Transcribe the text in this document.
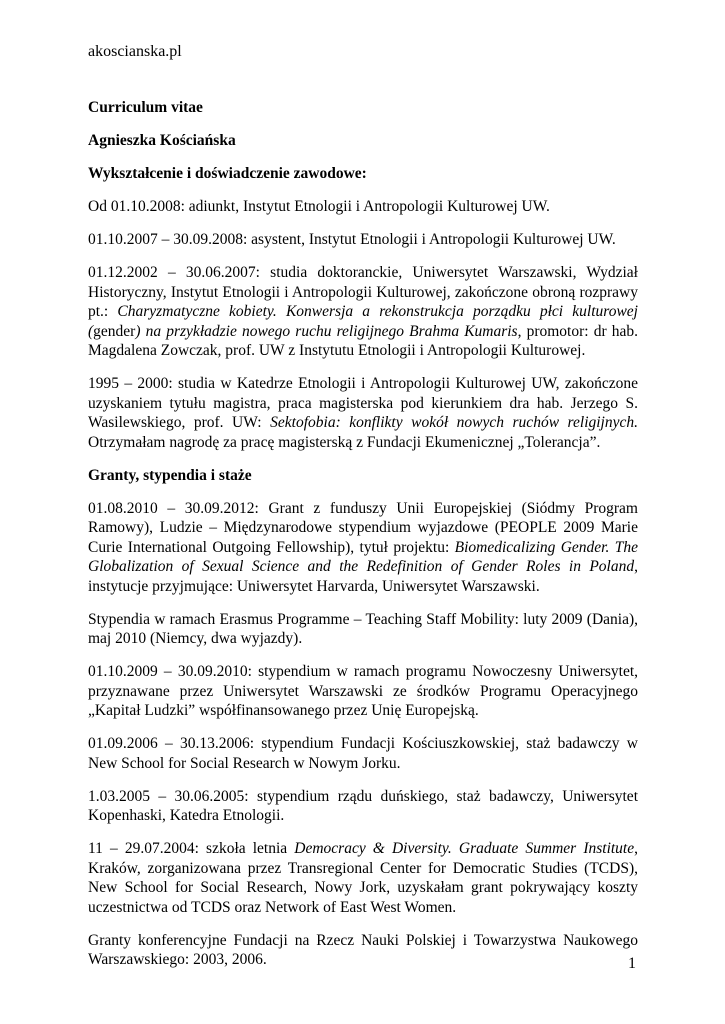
akoscianska.pl

Curriculum vitae

Agnieszka Kościańska

Wykształcenie i doświadczenie zawodowe:

Od 01.10.2008: adiunkt, Instytut Etnologii i Antropologii Kulturowej UW.

01.10.2007 – 30.09.2008: asystent, Instytut Etnologii i Antropologii Kulturowej UW.

01.12.2002 – 30.06.2007: studia doktoranckie, Uniwersytet Warszawski, Wydział Historyczny, Instytut Etnologii i Antropologii Kulturowej, zakończone obroną rozprawy pt.: Charyzmatyczne kobiety. Konwersja a rekonstrukcja porządku płci kulturowej (gender) na przykładzie nowego ruchu religijnego Brahma Kumaris, promotor: dr hab. Magdalena Zowczak, prof. UW z Instytutu Etnologii i Antropologii Kulturowej.

1995 – 2000: studia w Katedrze Etnologii i Antropologii Kulturowej UW, zakończone uzyskaniem tytułu magistra, praca magisterska pod kierunkiem dra hab. Jerzego S. Wasilewskiego, prof. UW: Sektofobia: konflikty wokół nowych ruchów religijnych. Otrzymałam nagrodę za pracę magisterską z Fundacji Ekumenicznej „Tolerancja”.

Granty, stypendia i staże

01.08.2010 – 30.09.2012: Grant z funduszy Unii Europejskiej (Siódmy Program Ramowy), Ludzie – Międzynarodowe stypendium wyjazdowe (PEOPLE 2009 Marie Curie International Outgoing Fellowship), tytuł projektu: Biomedicalizing Gender. The Globalization of Sexual Science and the Redefinition of Gender Roles in Poland, instytucje przyjmujące: Uniwersytet Harvarda, Uniwersytet Warszawski.

Stypendia w ramach Erasmus Programme – Teaching Staff Mobility: luty 2009 (Dania), maj 2010 (Niemcy, dwa wyjazdy).

01.10.2009 – 30.09.2010: stypendium w ramach programu Nowoczesny Uniwersytet, przyznawane przez Uniwersytet Warszawski ze środków Programu Operacyjnego „Kapitał Ludzki” współfinansowanego przez Unię Europejską.

01.09.2006 – 30.13.2006: stypendium Fundacji Kościuszkowskiej, staż badawczy w New School for Social Research w Nowym Jorku.

1.03.2005 – 30.06.2005: stypendium rządu duńskiego, staż badawczy, Uniwersytet Kopenhaski, Katedra Etnologii.

11 – 29.07.2004: szkoła letnia Democracy & Diversity. Graduate Summer Institute, Kraków, zorganizowana przez Transregional Center for Democratic Studies (TCDS), New School for Social Research, Nowy Jork, uzyskałam grant pokrywający koszty uczestnictwa od TCDS oraz Network of East West Women.

Granty konferencyjne Fundacji na Rzecz Nauki Polskiej i Towarzystwa Naukowego Warszawskiego: 2003, 2006.	1
